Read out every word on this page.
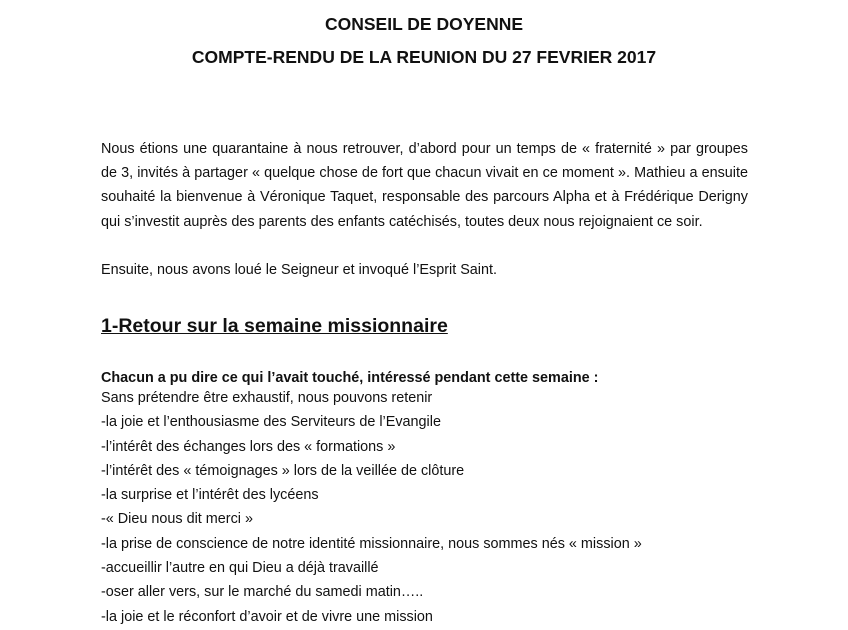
CONSEIL DE DOYENNE
COMPTE-RENDU DE LA REUNION DU 27 FEVRIER 2017

Nous étions une quarantaine à nous retrouver, d’abord pour un temps de « fraternité » par groupes de 3, invités à partager « quelque chose de fort que chacun vivait en ce moment ». Mathieu a ensuite souhaité la bienvenue à Véronique Taquet, responsable des parcours Alpha et à Frédérique Derigny qui s’investit auprès des parents des enfants catéchisés, toutes deux nous rejoignaient ce soir.

Ensuite, nous avons loué le Seigneur et invoqué l’Esprit Saint.

1-Retour sur la semaine missionnaire

Chacun a pu dire ce qui l’avait touché, intéressé pendant cette semaine :

Sans prétendre être exhaustif, nous pouvons retenir
-la joie et l’enthousiasme des Serviteurs de l’Evangile
-l’intérêt des échanges lors des « formations »
-l’intérêt des « témoignages » lors de la veillée de clôture
-la surprise et l’intérêt des lycéens
-« Dieu nous dit merci »
-la prise de conscience de notre identité missionnaire, nous sommes nés « mission »
-accueillir l’autre en qui Dieu a déjà travaillé
-oser aller vers, sur le marché du samedi matin…..
-la joie et le réconfort d’avoir et de vivre une mission
